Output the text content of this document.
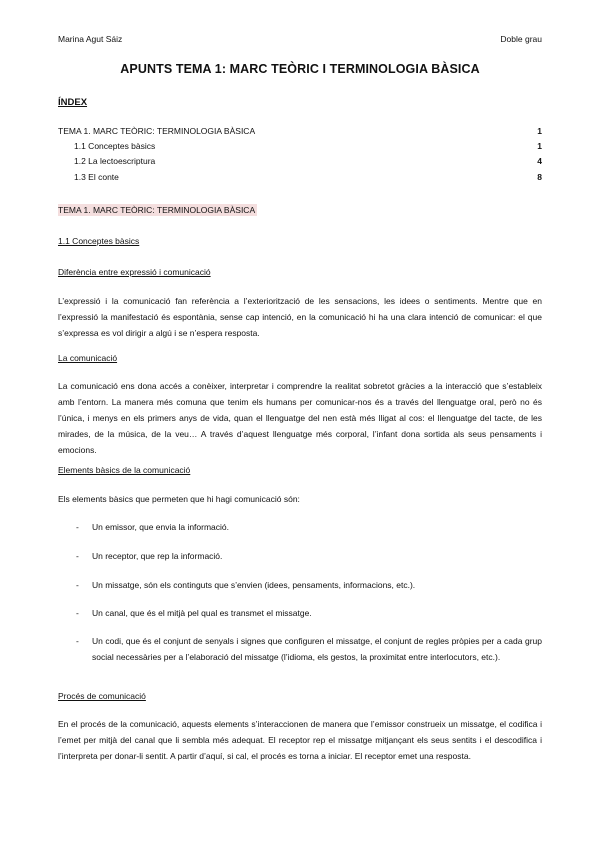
Marina Agut Sáiz	Doble grau
APUNTS TEMA 1: MARC TEÒRIC I TERMINOLOGIA BÀSICA
ÍNDEX
TEMA 1. MARC TEÒRIC: TERMINOLOGIA BÀSICA	1
1.1 Conceptes bàsics	1
1.2 La lectoescriptura	4
1.3 El conte	8
TEMA 1. MARC TEÒRIC: TERMINOLOGIA BÀSICA
1.1 Conceptes bàsics
Diferència entre expressió i comunicació
L’expressió i la comunicació fan referència a l’exteriorització de les sensacions, les idees o sentiments. Mentre que en l’expressió la manifestació és espontània, sense cap intenció, en la comunicació hi ha una clara intenció de comunicar: el que s’expressa es vol dirigir a algú i se n’espera resposta.
La comunicació
La comunicació ens dona accés a conèixer, interpretar i comprendre la realitat sobretot gràcies a la interacció que s’estableix amb l’entorn. La manera més comuna que tenim els humans per comunicar-nos és a través del llenguatge oral, però no és l’única, i menys en els primers anys de vida, quan el llenguatge del nen està més lligat al cos: el llenguatge del tacte, de les mirades, de la música, de la veu… A través d’aquest llenguatge més corporal, l’infant dona sortida als seus pensaments i emocions.
Elements bàsics de la comunicació
Els elements bàsics que permeten que hi hagi comunicació són:
- Un emissor, que envia la informació.
- Un receptor, que rep la informació.
- Un missatge, són els continguts que s’envien (idees, pensaments, informacions, etc.).
- Un canal, que és el mitjà pel qual es transmet el missatge.
- Un codi, que és el conjunt de senyals i signes que configuren el missatge, el conjunt de regles pròpies per a cada grup social necessàries per a l’elaboració del missatge (l’idioma, els gestos, la proximitat entre interlocutors, etc.).
Procés de comunicació
En el procés de la comunicació, aquests elements s’interaccionen de manera que l’emissor construeix un missatge, el codifica i l’emet per mitjà del canal que li sembla més adequat. El receptor rep el missatge mitjançant els seus sentits i el descodifica i l’interpreta per donar-li sentit. A partir d’aquí, si cal, el procés es torna a iniciar. El receptor emet una resposta.
